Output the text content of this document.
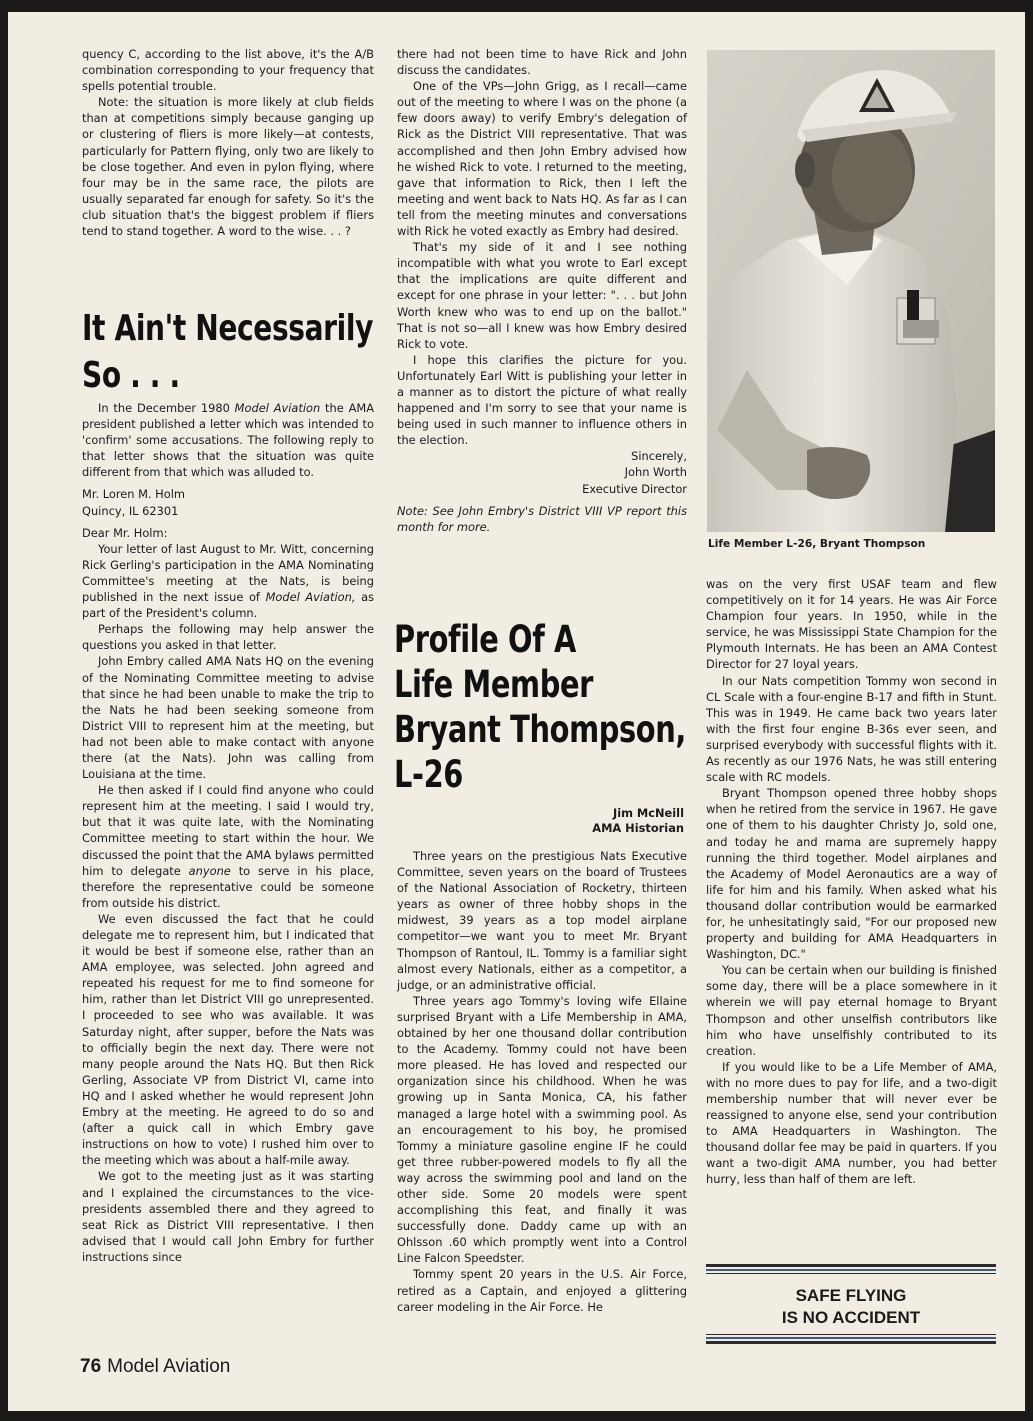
quency C, according to the list above, it's the A/B combination corresponding to your frequency that spells potential trouble.

Note: the situation is more likely at club fields than at competitions simply because ganging up or clustering of fliers is more likely—at contests, particularly for Pattern flying, only two are likely to be close together. And even in pylon flying, where four may be in the same race, the pilots are usually separated far enough for safety. So it's the club situation that's the biggest problem if fliers tend to stand together. A word to the wise. . . ?

It Ain't Necessarily
So . . .

In the December 1980 Model Aviation the AMA president published a letter which was intended to 'confirm' some accusations. The following reply to that letter shows that the situation was quite different from that which was alluded to.

Mr. Loren M. Holm

Quincy, IL 62301

Dear Mr. Holm:

Your letter of last August to Mr. Witt, concerning Rick Gerling's participation in the AMA Nominating Committee's meeting at the Nats, is being published in the next issue of Model Aviation, as part of the President's column.

Perhaps the following may help answer the questions you asked in that letter.

John Embry called AMA Nats HQ on the evening of the Nominating Committee meeting to advise that since he had been unable to make the trip to the Nats he had been seeking someone from District VIII to represent him at the meeting, but had not been able to make contact with anyone there (at the Nats). John was calling from Louisiana at the time.

He then asked if I could find anyone who could represent him at the meeting. I said I would try, but that it was quite late, with the Nominating Committee meeting to start within the hour. We discussed the point that the AMA bylaws permitted him to delegate anyone to serve in his place, therefore the representative could be someone from outside his district.

We even discussed the fact that he could delegate me to represent him, but I indicated that it would be best if someone else, rather than an AMA employee, was selected. John agreed and repeated his request for me to find someone for him, rather than let District VIII go unrepresented. I proceeded to see who was available. It was Saturday night, after supper, before the Nats was to officially begin the next day. There were not many people around the Nats HQ. But then Rick Gerling, Associate VP from District VI, came into HQ and I asked whether he would represent John Embry at the meeting. He agreed to do so and (after a quick call in which Embry gave instructions on how to vote) I rushed him over to the meeting which was about a half-mile away.

We got to the meeting just as it was starting and I explained the circumstances to the vice-presidents assembled there and they agreed to seat Rick as District VIII representative. I then advised that I would call John Embry for further instructions since

there had not been time to have Rick and John discuss the candidates.

One of the VPs—John Grigg, as I recall—came out of the meeting to where I was on the phone (a few doors away) to verify Embry's delegation of Rick as the District VIII representative. That was accomplished and then John Embry advised how he wished Rick to vote. I returned to the meeting, gave that information to Rick, then I left the meeting and went back to Nats HQ. As far as I can tell from the meeting minutes and conversations with Rick he voted exactly as Embry had desired.

That's my side of it and I see nothing incompatible with what you wrote to Earl except that the implications are quite different and except for one phrase in your letter: ". . . but John Worth knew who was to end up on the ballot." That is not so—all I knew was how Embry desired Rick to vote.

I hope this clarifies the picture for you. Unfortunately Earl Witt is publishing your letter in a manner as to distort the picture of what really happened and I'm sorry to see that your name is being used in such manner to influence others in the election.

Sincerely,

John Worth

Executive Director

Note: See John Embry's District VIII VP report this month for more.

Profile Of A
Life Member
Bryant Thompson,
L-26
Jim McNeill
AMA Historian

Three years on the prestigious Nats Executive Committee, seven years on the board of Trustees of the National Association of Rocketry, thirteen years as owner of three hobby shops in the midwest, 39 years as a top model airplane competitor—we want you to meet Mr. Bryant Thompson of Rantoul, IL. Tommy is a familiar sight almost every Nationals, either as a competitor, a judge, or an administrative official.

Three years ago Tommy's loving wife Ellaine surprised Bryant with a Life Membership in AMA, obtained by her one thousand dollar contribution to the Academy. Tommy could not have been more pleased. He has loved and respected our organization since his childhood. When he was growing up in Santa Monica, CA, his father managed a large hotel with a swimming pool. As an encouragement to his boy, he promised Tommy a miniature gasoline engine IF he could get three rubber-powered models to fly all the way across the swimming pool and land on the other side. Some 20 models were spent accomplishing this feat, and finally it was successfully done. Daddy came up with an Ohlsson .60 which promptly went into a Control Line Falcon Speedster.

Tommy spent 20 years in the U.S. Air Force, retired as a Captain, and enjoyed a glittering career modeling in the Air Force. He

Life Member L-26, Bryant Thompson

was on the very first USAF team and flew competitively on it for 14 years. He was Air Force Champion four years. In 1950, while in the service, he was Mississippi State Champion for the Plymouth Internats. He has been an AMA Contest Director for 27 loyal years.

In our Nats competition Tommy won second in CL Scale with a four-engine B-17 and fifth in Stunt. This was in 1949. He came back two years later with the first four engine B-36s ever seen, and surprised everybody with successful flights with it. As recently as our 1976 Nats, he was still entering scale with RC models.

Bryant Thompson opened three hobby shops when he retired from the service in 1967. He gave one of them to his daughter Christy Jo, sold one, and today he and mama are supremely happy running the third together. Model airplanes and the Academy of Model Aeronautics are a way of life for him and his family. When asked what his thousand dollar contribution would be earmarked for, he unhesitatingly said, "For our proposed new property and building for AMA Headquarters in Washington, DC."

You can be certain when our building is finished some day, there will be a place somewhere in it wherein we will pay eternal homage to Bryant Thompson and other unselfish contributors like him who have unselfishly contributed to its creation.

If you would like to be a Life Member of AMA, with no more dues to pay for life, and a two-digit membership number that will never ever be reassigned to anyone else, send your contribution to AMA Headquarters in Washington. The thousand dollar fee may be paid in quarters. If you want a two-digit AMA number, you had better hurry, less than half of them are left.

SAFE FLYING
IS NO ACCIDENT
76 Model Aviation
